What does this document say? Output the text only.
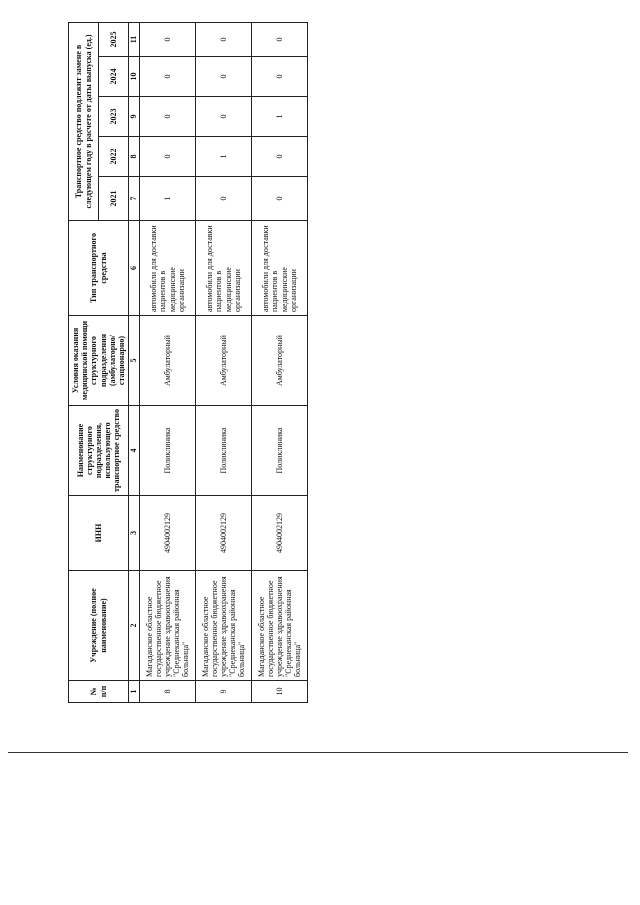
№ п/п	Учреждение (полное наименование)	ИНН	Наименование структурного подразделения, использующего транспортное средство	Условия оказания медицинской помощи структурного подразделения (амбулаторно/ стационарно)	Тип транспортного средства	Транспортное средство подлежит замене в следующем году в расчете от даты выпуска (ед.)				
						2021	2022	2023	2024	2025
1	2	3	4	5	6	7	8	9	10	11
8	Магаданское областное государственное бюджетное учреждение здравоохранения "Среднеканская районная больница"	4904002129	Поликлиника	Амбулаторный	автомобили для доставки пациентов в медицинские организации	1	0	0	0	0
9	Магаданское областное государственное бюджетное учреждение здравоохранения "Среднеканская районная больница"	4904002129	Поликлиника	Амбулаторный	автомобили для доставки пациентов в медицинские организации	0	1	0	0	0
10	Магаданское областное государственное бюджетное учреждение здравоохранения "Среднеканская районная больница"	4904002129	Поликлиника	Амбулаторный	автомобили для доставки пациентов в медицинские организации	0	0	1	0	0
